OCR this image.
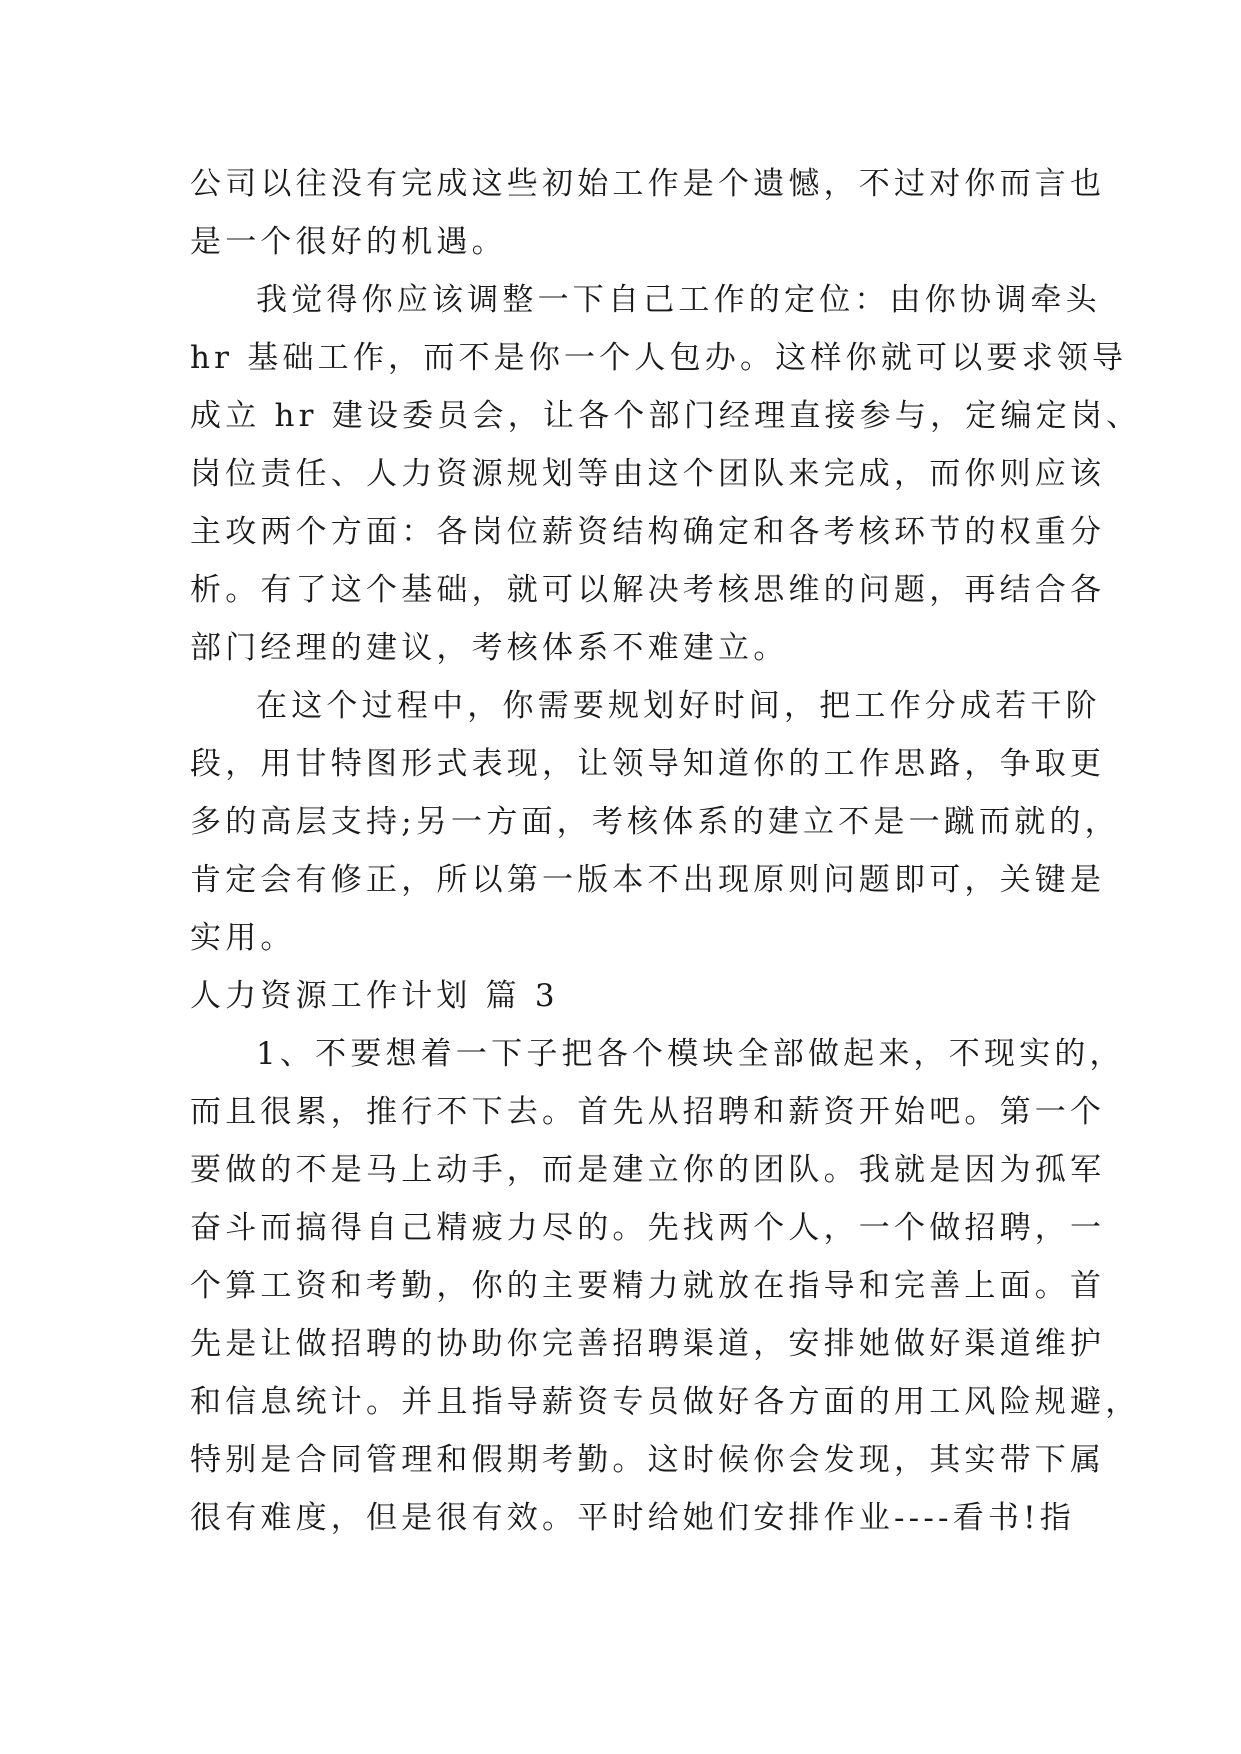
公司以往没有完成这些初始工作是个遗憾，不过对你而言也
是一个很好的机遇。
我觉得你应该调整一下自己工作的定位：由你协调牵头
hr 基础工作，而不是你一个人包办。这样你就可以要求领导
成立 hr 建设委员会，让各个部门经理直接参与，定编定岗、
岗位责任、人力资源规划等由这个团队来完成，而你则应该
主攻两个方面：各岗位薪资结构确定和各考核环节的权重分
析。有了这个基础，就可以解决考核思维的问题，再结合各
部门经理的建议，考核体系不难建立。
在这个过程中，你需要规划好时间，把工作分成若干阶
段，用甘特图形式表现，让领导知道你的工作思路，争取更
多的高层支持;另一方面，考核体系的建立不是一蹴而就的，
肯定会有修正，所以第一版本不出现原则问题即可，关键是
实用。
人力资源工作计划 篇 3
1、不要想着一下子把各个模块全部做起来，不现实的，
而且很累，推行不下去。首先从招聘和薪资开始吧。第一个
要做的不是马上动手，而是建立你的团队。我就是因为孤军
奋斗而搞得自己精疲力尽的。先找两个人，一个做招聘，一
个算工资和考勤，你的主要精力就放在指导和完善上面。首
先是让做招聘的协助你完善招聘渠道，安排她做好渠道维护
和信息统计。并且指导薪资专员做好各方面的用工风险规避，
特别是合同管理和假期考勤。这时候你会发现，其实带下属
很有难度，但是很有效。平时给她们安排作业----看书!指
